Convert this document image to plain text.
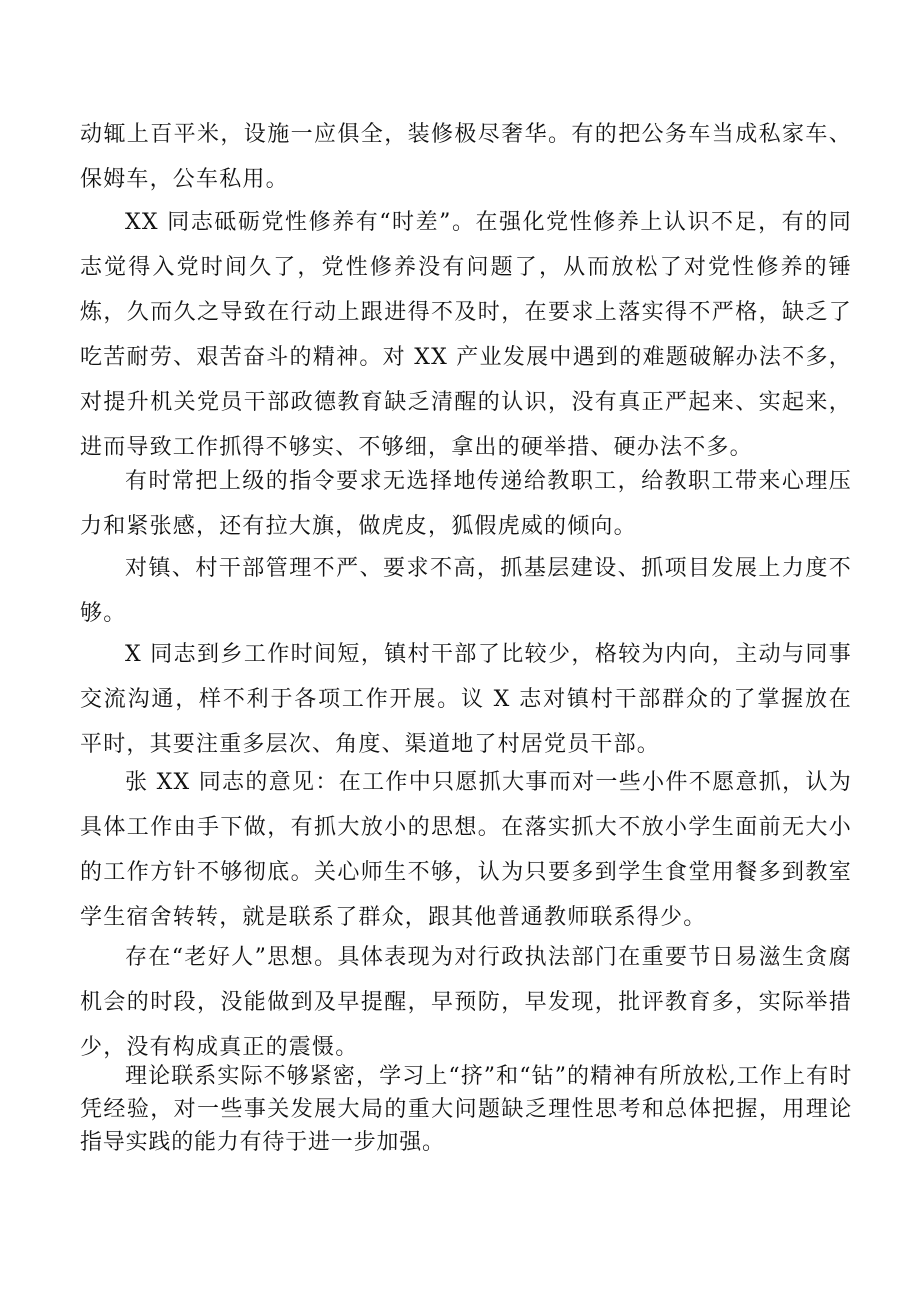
动辄上百平米，设施一应俱全，装修极尽奢华。有的把公务车当成私家车、保姆车，公车私用。

XX 同志砥砺党性修养有“时差”。在强化党性修养上认识不足，有的同志觉得入党时间久了，党性修养没有问题了，从而放松了对党性修养的锤炼，久而久之导致在行动上跟进得不及时，在要求上落实得不严格，缺乏了吃苦耐劳、艰苦奋斗的精神。对 XX 产业发展中遇到的难题破解办法不多，对提升机关党员干部政德教育缺乏清醒的认识，没有真正严起来、实起来，进而导致工作抓得不够实、不够细，拿出的硬举措、硬办法不多。

有时常把上级的指令要求无选择地传递给教职工，给教职工带来心理压力和紧张感，还有拉大旗，做虎皮，狐假虎威的倾向。

对镇、村干部管理不严、要求不高，抓基层建设、抓项目发展上力度不够。

X 同志到乡工作时间短，镇村干部了比较少，格较为内向，主动与同事交流沟通，样不利于各项工作开展。议 X 志对镇村干部群众的了掌握放在平时，其要注重多层次、角度、渠道地了村居党员干部。

张 XX 同志的意见：在工作中只愿抓大事而对一些小件不愿意抓，认为具体工作由手下做，有抓大放小的思想。在落实抓大不放小学生面前无大小的工作方针不够彻底。关心师生不够，认为只要多到学生食堂用餐多到教室学生宿舍转转，就是联系了群众，跟其他普通教师联系得少。

存在“老好人”思想。具体表现为对行政执法部门在重要节日易滋生贪腐机会的时段，没能做到及早提醒，早预防，早发现，批评教育多，实际举措少，没有构成真正的震慑。

理论联系实际不够紧密，学习上“挤”和“钻”的精神有所放松,工作上有时凭经验，对一些事关发展大局的重大问题缺乏理性思考和总体把握，用理论指导实践的能力有待于进一步加强。
